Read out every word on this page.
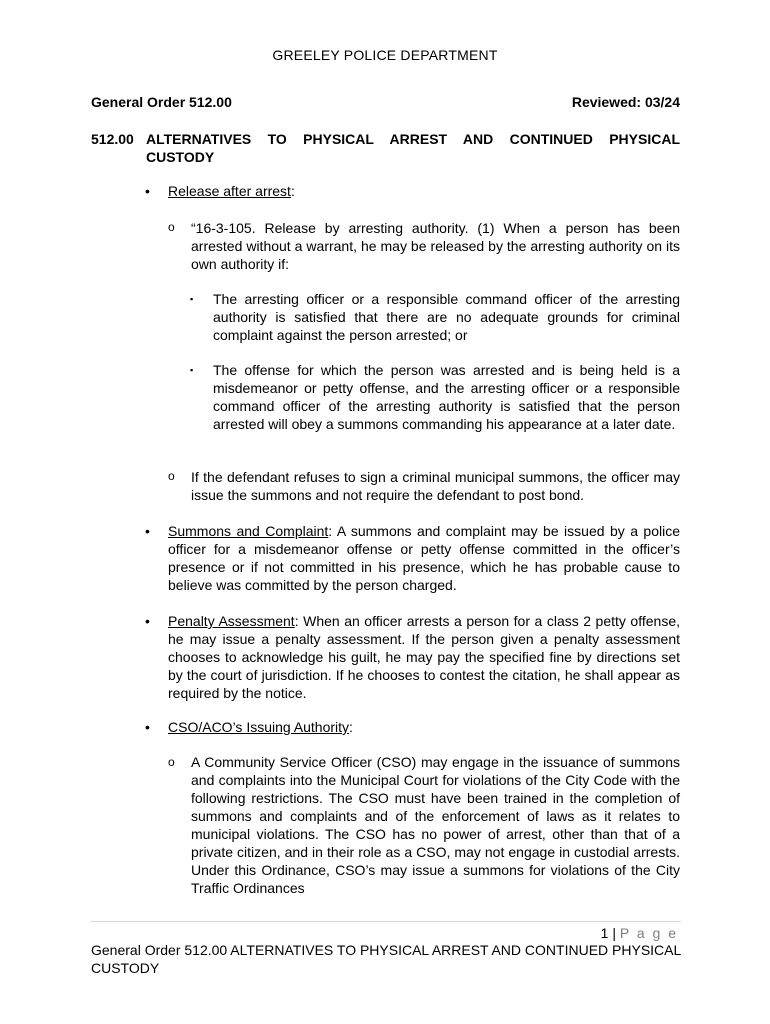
GREELEY POLICE DEPARTMENT
General Order 512.00	Reviewed: 03/24
512.00 ALTERNATIVES TO PHYSICAL ARREST AND CONTINUED PHYSICAL
CUSTODY
• Release after arrest:
o “16-3-105. Release by arresting authority. (1) When a person has been arrested without a warrant, he may be released by the arresting authority on its own authority if:
▪ The arresting officer or a responsible command officer of the arresting authority is satisfied that there are no adequate grounds for criminal complaint against the person arrested; or
▪ The offense for which the person was arrested and is being held is a misdemeanor or petty offense, and the arresting officer or a responsible command officer of the arresting authority is satisfied that the person arrested will obey a summons commanding his appearance at a later date.
o If the defendant refuses to sign a criminal municipal summons, the officer may issue the summons and not require the defendant to post bond.
• Summons and Complaint: A summons and complaint may be issued by a police officer for a misdemeanor offense or petty offense committed in the officer’s presence or if not committed in his presence, which he has probable cause to believe was committed by the person charged.
• Penalty Assessment: When an officer arrests a person for a class 2 petty offense, he may issue a penalty assessment. If the person given a penalty assessment chooses to acknowledge his guilt, he may pay the specified fine by directions set by the court of jurisdiction. If he chooses to contest the citation, he shall appear as required by the notice.
• CSO/ACO’s Issuing Authority:
o A Community Service Officer (CSO) may engage in the issuance of summons and complaints into the Municipal Court for violations of the City Code with the following restrictions. The CSO must have been trained in the completion of summons and complaints and of the enforcement of laws as it relates to municipal violations. The CSO has no power of arrest, other than that of a private citizen, and in their role as a CSO, may not engage in custodial arrests. Under this Ordinance, CSO’s may issue a summons for violations of the City Traffic Ordinances
1 | P a g e
General Order 512.00 ALTERNATIVES TO PHYSICAL ARREST AND CONTINUED PHYSICAL CUSTODY
